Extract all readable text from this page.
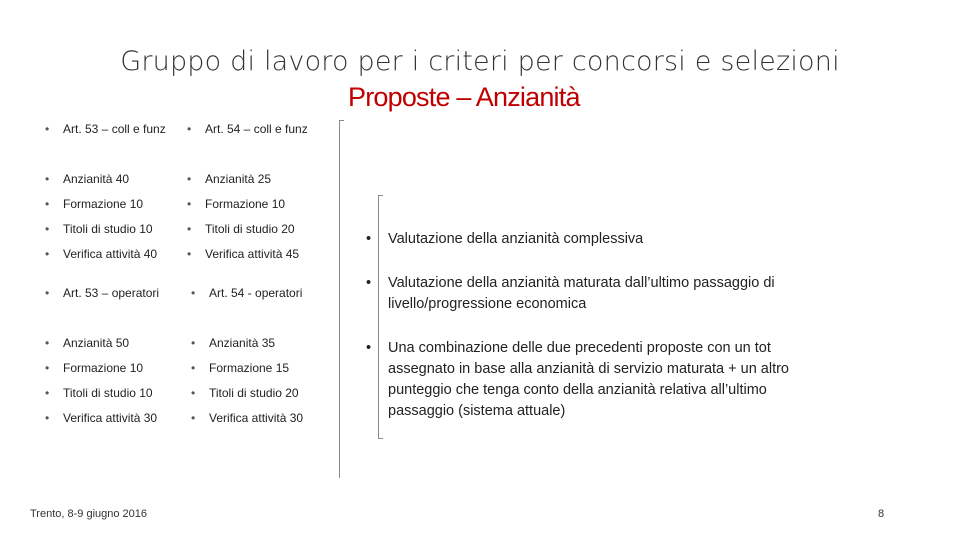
Gruppo di lavoro per i criteri per concorsi e selezioni
Proposte – Anzianità
• Art. 53 – coll e funz
• Anzianità 40
• Formazione 10
• Titoli di studio 10
• Verifica attività 40
• Art. 53 – operatori
• Anzianità 50
• Formazione 10
• Titoli di studio 10
• Verifica attività 30
• Art. 54 – coll e funz
• Anzianità 25
• Formazione 10
• Titoli di studio 20
• Verifica attività 45
• Art. 54 - operatori
• Anzianità 35
• Formazione 15
• Titoli di studio 20
• Verifica attività 30
• Valutazione della anzianità complessiva
• Valutazione della anzianità maturata dall’ultimo passaggio di livello/progressione economica
• Una combinazione delle due precedenti proposte con un tot assegnato in base alla anzianità di servizio maturata + un altro punteggio che tenga conto della anzianità relativa all’ultimo passaggio (sistema attuale)
Trento, 8-9 giugno 2016	8
